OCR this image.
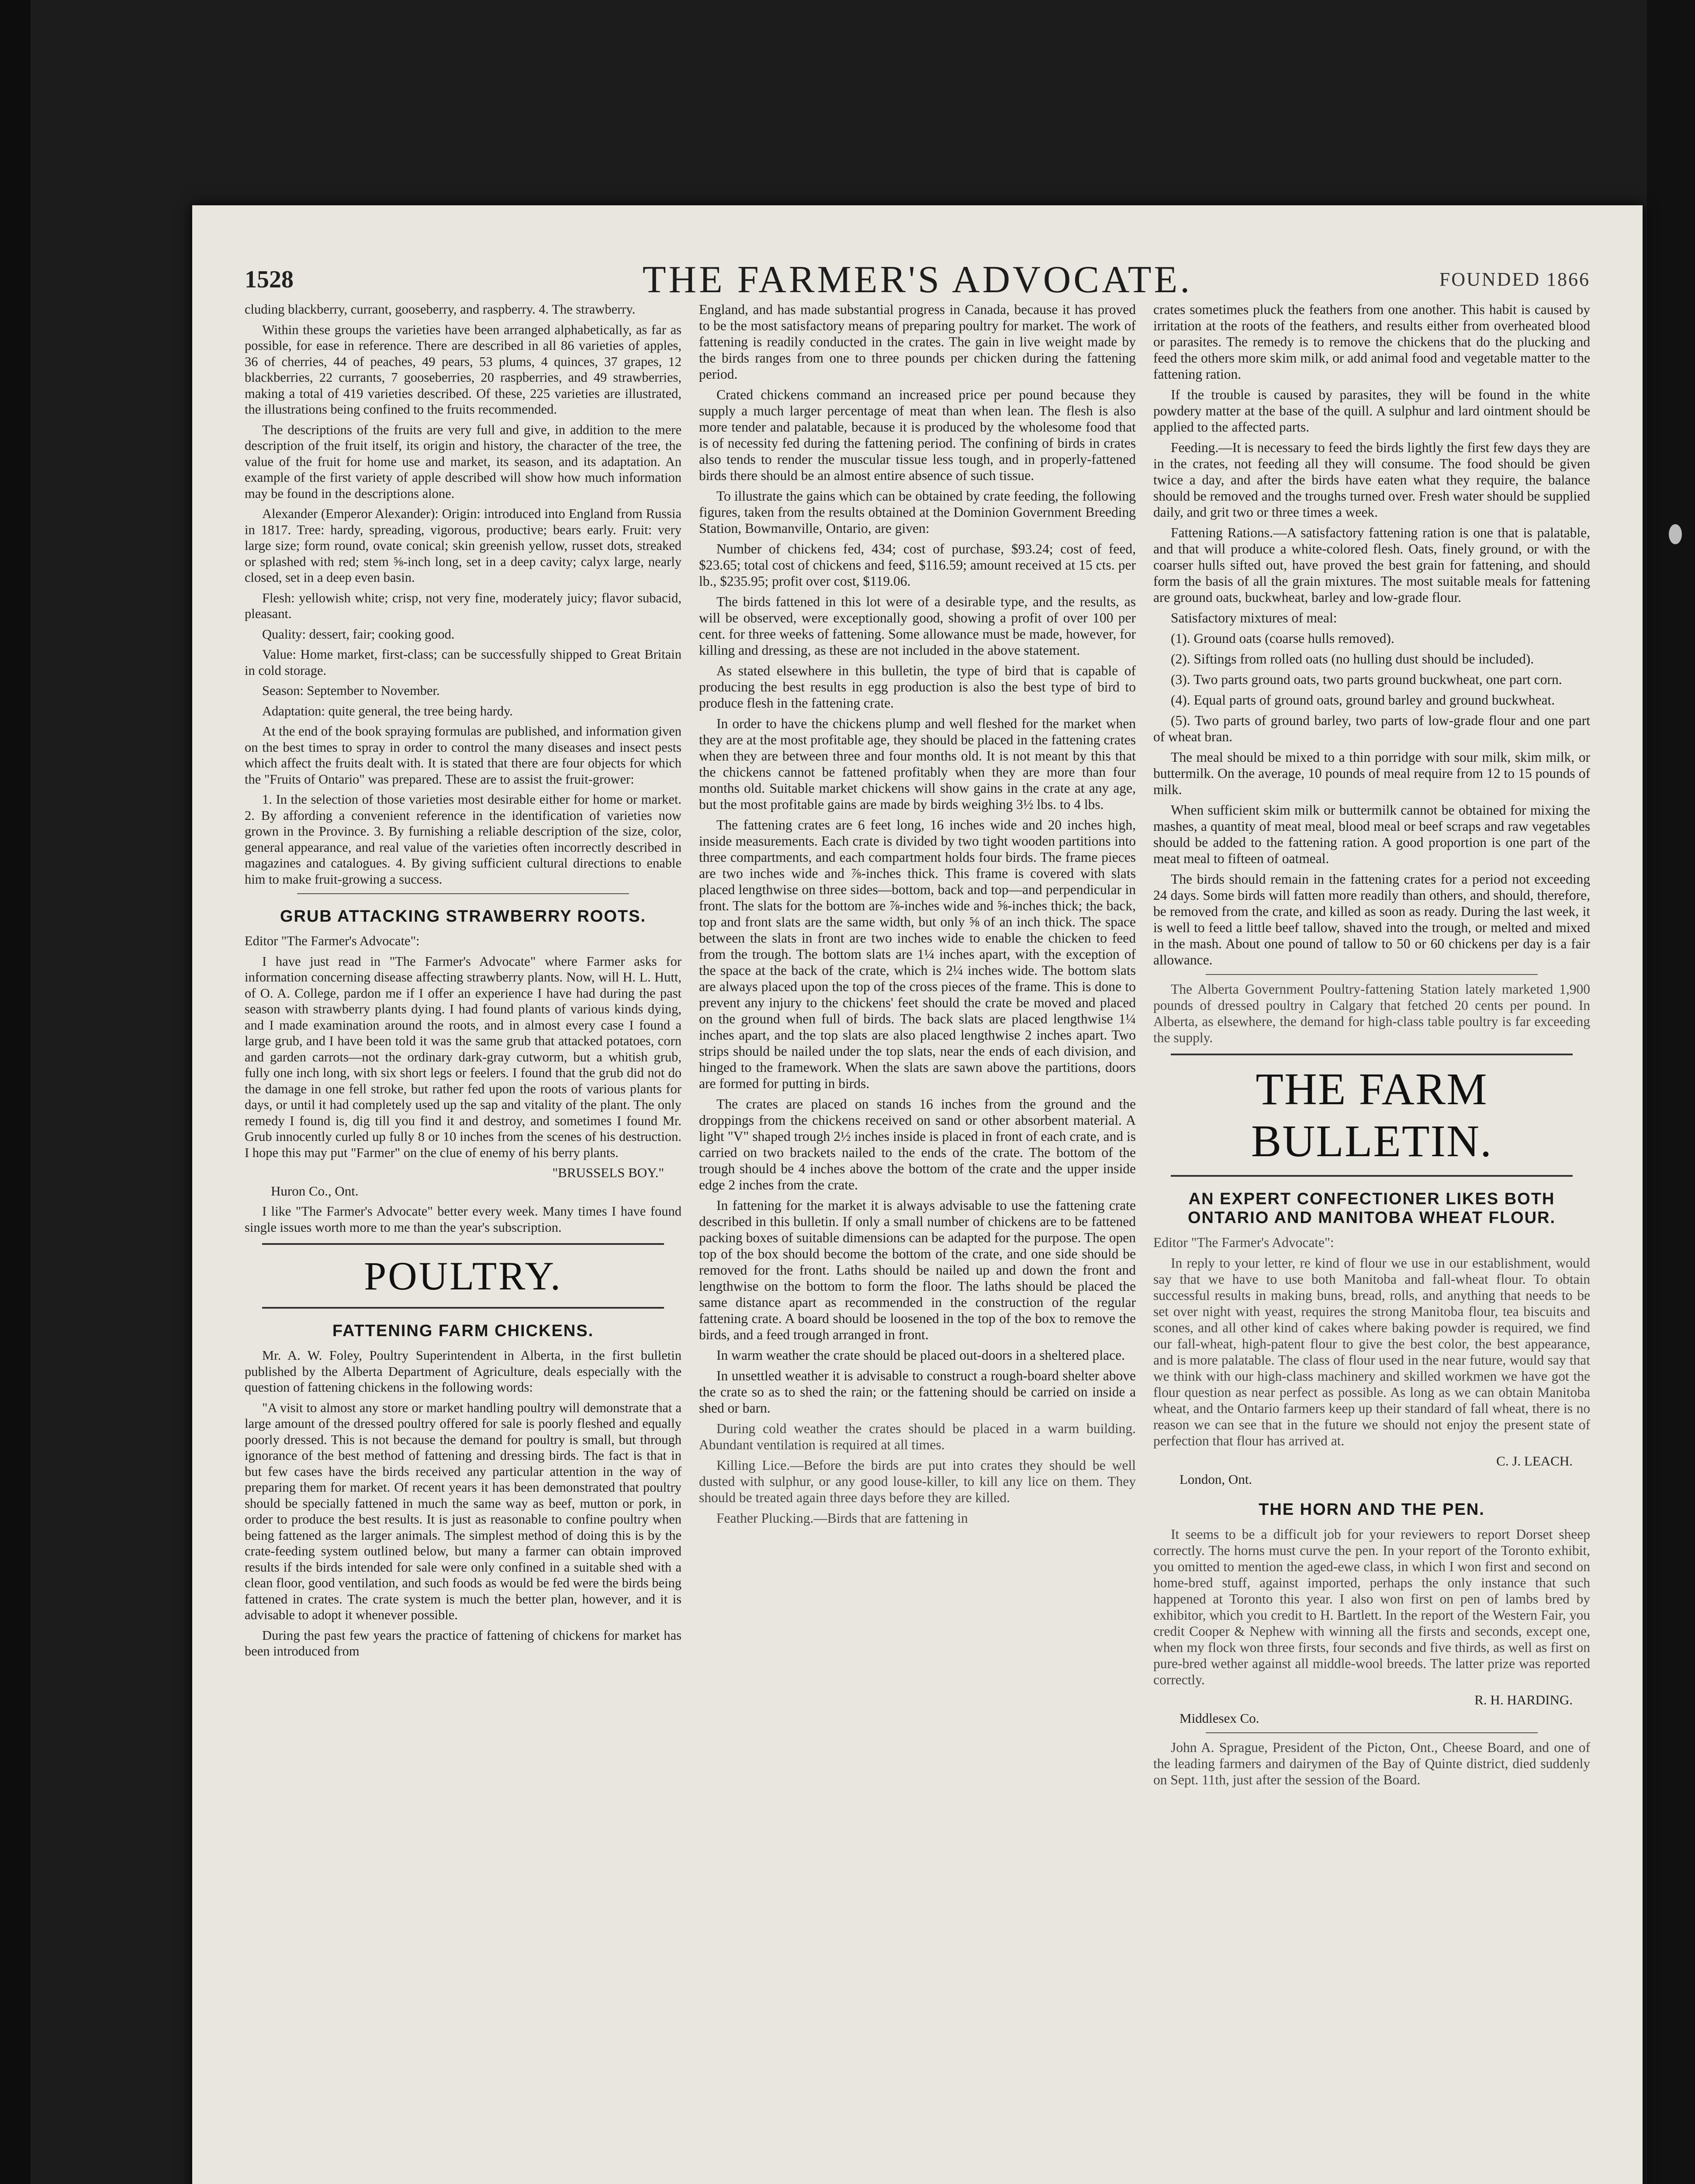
1528	THE FARMER'S ADVOCATE.	FOUNDED 1866

cluding blackberry, currant, gooseberry, and raspberry. 4. The strawberry.

Within these groups the varieties have been arranged alphabetically, as far as possible, for ease in reference. There are described in all 86 varieties of apples, 36 of cherries, 44 of peaches, 49 pears, 53 plums, 4 quinces, 37 grapes, 12 blackberries, 22 currants, 7 gooseberries, 20 raspberries, and 49 strawberries, making a total of 419 varieties described. Of these, 225 varieties are illustrated, the illustrations being confined to the fruits recommended.

The descriptions of the fruits are very full and give, in addition to the mere description of the fruit itself, its origin and history, the character of the tree, the value of the fruit for home use and market, its season, and its adaptation. An example of the first variety of apple described will show how much information may be found in the descriptions alone.

Alexander (Emperor Alexander): Origin: introduced into England from Russia in 1817. Tree: hardy, spreading, vigorous, productive; bears early. Fruit: very large size; form round, ovate conical; skin greenish yellow, russet dots, streaked or splashed with red; stem ⅝-inch long, set in a deep cavity; calyx large, nearly closed, set in a deep even basin.

Flesh: yellowish white; crisp, not very fine, moderately juicy; flavor subacid, pleasant.

Quality: dessert, fair; cooking good.

Value: Home market, first-class; can be successfully shipped to Great Britain in cold storage.

Season: September to November.

Adaptation: quite general, the tree being hardy.

At the end of the book spraying formulas are published, and information given on the best times to spray in order to control the many diseases and insect pests which affect the fruits dealt with. It is stated that there are four objects for which the "Fruits of Ontario" was prepared. These are to assist the fruit-grower:

1. In the selection of those varieties most desirable either for home or market. 2. By affording a convenient reference in the identification of varieties now grown in the Province. 3. By furnishing a reliable description of the size, color, general appearance, and real value of the varieties often incorrectly described in magazines and catalogues. 4. By giving sufficient cultural directions to enable him to make fruit-growing a success.

GRUB ATTACKING STRAWBERRY ROOTS.

Editor "The Farmer's Advocate":

I have just read in "The Farmer's Advocate" where Farmer asks for information concerning disease affecting strawberry plants. Now, will H. L. Hutt, of O. A. College, pardon me if I offer an experience I have had during the past season with strawberry plants dying. I had found plants of various kinds dying, and I made examination around the roots, and in almost every case I found a large grub, and I have been told it was the same grub that attacked potatoes, corn and garden carrots—not the ordinary dark-gray cutworm, but a whitish grub, fully one inch long, with six short legs or feelers. I found that the grub did not do the damage in one fell stroke, but rather fed upon the roots of various plants for days, or until it had completely used up the sap and vitality of the plant. The only remedy I found is, dig till you find it and destroy, and sometimes I found Mr. Grub innocently curled up fully 8 or 10 inches from the scenes of his destruction. I hope this may put "Farmer" on the clue of enemy of his berry plants.

"BRUSSELS BOY."
Huron Co., Ont.

I like "The Farmer's Advocate" better every week. Many times I have found single issues worth more to me than the year's subscription.

POULTRY.
FATTENING FARM CHICKENS.

Mr. A. W. Foley, Poultry Superintendent in Alberta, in the first bulletin published by the Alberta Department of Agriculture, deals especially with the question of fattening chickens in the following words:

"A visit to almost any store or market handling poultry will demonstrate that a large amount of the dressed poultry offered for sale is poorly fleshed and equally poorly dressed. This is not because the demand for poultry is small, but through ignorance of the best method of fattening and dressing birds. The fact is that in but few cases have the birds received any particular attention in the way of preparing them for market. Of recent years it has been demonstrated that poultry should be specially fattened in much the same way as beef, mutton or pork, in order to produce the best results. It is just as reasonable to confine poultry when being fattened as the larger animals. The simplest method of doing this is by the crate-feeding system outlined below, but many a farmer can obtain improved results if the birds intended for sale were only confined in a suitable shed with a clean floor, good ventilation, and such foods as would be fed were the birds being fattened in crates. The crate system is much the better plan, however, and it is advisable to adopt it whenever possible.

During the past few years the practice of fattening of chickens for market has been introduced from

England, and has made substantial progress in Canada, because it has proved to be the most satisfactory means of preparing poultry for market. The work of fattening is readily conducted in the crates. The gain in live weight made by the birds ranges from one to three pounds per chicken during the fattening period.

Crated chickens command an increased price per pound because they supply a much larger percentage of meat than when lean. The flesh is also more tender and palatable, because it is produced by the wholesome food that is of necessity fed during the fattening period. The confining of birds in crates also tends to render the muscular tissue less tough, and in properly-fattened birds there should be an almost entire absence of such tissue.

To illustrate the gains which can be obtained by crate feeding, the following figures, taken from the results obtained at the Dominion Government Breeding Station, Bowmanville, Ontario, are given:

Number of chickens fed, 434; cost of purchase, $93.24; cost of feed, $23.65; total cost of chickens and feed, $116.59; amount received at 15 cts. per lb., $235.95; profit over cost, $119.06.

The birds fattened in this lot were of a desirable type, and the results, as will be observed, were exceptionally good, showing a profit of over 100 per cent. for three weeks of fattening. Some allowance must be made, however, for killing and dressing, as these are not included in the above statement.

As stated elsewhere in this bulletin, the type of bird that is capable of producing the best results in egg production is also the best type of bird to produce flesh in the fattening crate.

In order to have the chickens plump and well fleshed for the market when they are at the most profitable age, they should be placed in the fattening crates when they are between three and four months old. It is not meant by this that the chickens cannot be fattened profitably when they are more than four months old. Suitable market chickens will show gains in the crate at any age, but the most profitable gains are made by birds weighing 3½ lbs. to 4 lbs.

The fattening crates are 6 feet long, 16 inches wide and 20 inches high, inside measurements. Each crate is divided by two tight wooden partitions into three compartments, and each compartment holds four birds. The frame pieces are two inches wide and ⅞-inches thick. This frame is covered with slats placed lengthwise on three sides—bottom, back and top—and perpendicular in front. The slats for the bottom are ⅞-inches wide and ⅝-inches thick; the back, top and front slats are the same width, but only ⅝ of an inch thick. The space between the slats in front are two inches wide to enable the chicken to feed from the trough. The bottom slats are 1¼ inches apart, with the exception of the space at the back of the crate, which is 2¼ inches wide. The bottom slats are always placed upon the top of the cross pieces of the frame. This is done to prevent any injury to the chickens' feet should the crate be moved and placed on the ground when full of birds. The back slats are placed lengthwise 1¼ inches apart, and the top slats are also placed lengthwise 2 inches apart. Two strips should be nailed under the top slats, near the ends of each division, and hinged to the framework. When the slats are sawn above the partitions, doors are formed for putting in birds.

The crates are placed on stands 16 inches from the ground and the droppings from the chickens received on sand or other absorbent material. A light "V" shaped trough 2½ inches inside is placed in front of each crate, and is carried on two brackets nailed to the ends of the crate. The bottom of the trough should be 4 inches above the bottom of the crate and the upper inside edge 2 inches from the crate.

In fattening for the market it is always advisable to use the fattening crate described in this bulletin. If only a small number of chickens are to be fattened packing boxes of suitable dimensions can be adapted for the purpose. The open top of the box should become the bottom of the crate, and one side should be removed for the front. Laths should be nailed up and down the front and lengthwise on the bottom to form the floor. The laths should be placed the same distance apart as recommended in the construction of the regular fattening crate. A board should be loosened in the top of the box to remove the birds, and a feed trough arranged in front.

In warm weather the crate should be placed out-doors in a sheltered place.

In unsettled weather it is advisable to construct a rough-board shelter above the crate so as to shed the rain; or the fattening should be carried on inside a shed or barn.

During cold weather the crates should be placed in a warm building. Abundant ventilation is required at all times.

Killing Lice.—Before the birds are put into crates they should be well dusted with sulphur, or any good louse-killer, to kill any lice on them. They should be treated again three days before they are killed.

Feather Plucking.—Birds that are fattening in

crates sometimes pluck the feathers from one another. This habit is caused by irritation at the roots of the feathers, and results either from overheated blood or parasites. The remedy is to remove the chickens that do the plucking and feed the others more skim milk, or add animal food and vegetable matter to the fattening ration.

If the trouble is caused by parasites, they will be found in the white powdery matter at the base of the quill. A sulphur and lard ointment should be applied to the affected parts.

Feeding.—It is necessary to feed the birds lightly the first few days they are in the crates, not feeding all they will consume. The food should be given twice a day, and after the birds have eaten what they require, the balance should be removed and the troughs turned over. Fresh water should be supplied daily, and grit two or three times a week.

Fattening Rations.—A satisfactory fattening ration is one that is palatable, and that will produce a white-colored flesh. Oats, finely ground, or with the coarser hulls sifted out, have proved the best grain for fattening, and should form the basis of all the grain mixtures. The most suitable meals for fattening are ground oats, buckwheat, barley and low-grade flour.

Satisfactory mixtures of meal:

(1). Ground oats (coarse hulls removed).

(2). Siftings from rolled oats (no hulling dust should be included).

(3). Two parts ground oats, two parts ground buckwheat, one part corn.

(4). Equal parts of ground oats, ground barley and ground buckwheat.

(5). Two parts of ground barley, two parts of low-grade flour and one part of wheat bran.

The meal should be mixed to a thin porridge with sour milk, skim milk, or buttermilk. On the average, 10 pounds of meal require from 12 to 15 pounds of milk.

When sufficient skim milk or buttermilk cannot be obtained for mixing the mashes, a quantity of meat meal, blood meal or beef scraps and raw vegetables should be added to the fattening ration. A good proportion is one part of the meat meal to fifteen of oatmeal.

The birds should remain in the fattening crates for a period not exceeding 24 days. Some birds will fatten more readily than others, and should, therefore, be removed from the crate, and killed as soon as ready. During the last week, it is well to feed a little beef tallow, shaved into the trough, or melted and mixed in the mash. About one pound of tallow to 50 or 60 chickens per day is a fair allowance.

The Alberta Government Poultry-fattening Station lately marketed 1,900 pounds of dressed poultry in Calgary that fetched 20 cents per pound. In Alberta, as elsewhere, the demand for high-class table poultry is far exceeding the supply.

THE FARM BULLETIN.
AN EXPERT CONFECTIONER LIKES BOTH ONTARIO AND MANITOBA WHEAT FLOUR.

Editor "The Farmer's Advocate":

In reply to your letter, re kind of flour we use in our establishment, would say that we have to use both Manitoba and fall-wheat flour. To obtain successful results in making buns, bread, rolls, and anything that needs to be set over night with yeast, requires the strong Manitoba flour, tea biscuits and scones, and all other kind of cakes where baking powder is required, we find our fall-wheat, high-patent flour to give the best color, the best appearance, and is more palatable. The class of flour used in the near future, would say that we think with our high-class machinery and skilled workmen we have got the flour question as near perfect as possible. As long as we can obtain Manitoba wheat, and the Ontario farmers keep up their standard of fall wheat, there is no reason we can see that in the future we should not enjoy the present state of perfection that flour has arrived at.

C. J. LEACH.
London, Ont.
THE HORN AND THE PEN.

It seems to be a difficult job for your reviewers to report Dorset sheep correctly. The horns must curve the pen. In your report of the Toronto exhibit, you omitted to mention the aged-ewe class, in which I won first and second on home-bred stuff, against imported, perhaps the only instance that such happened at Toronto this year. I also won first on pen of lambs bred by exhibitor, which you credit to H. Bartlett. In the report of the Western Fair, you credit Cooper & Nephew with winning all the firsts and seconds, except one, when my flock won three firsts, four seconds and five thirds, as well as first on pure-bred wether against all middle-wool breeds. The latter prize was reported correctly.

R. H. HARDING.
Middlesex Co.

John A. Sprague, President of the Picton, Ont., Cheese Board, and one of the leading farmers and dairymen of the Bay of Quinte district, died suddenly on Sept. 11th, just after the session of the Board.
